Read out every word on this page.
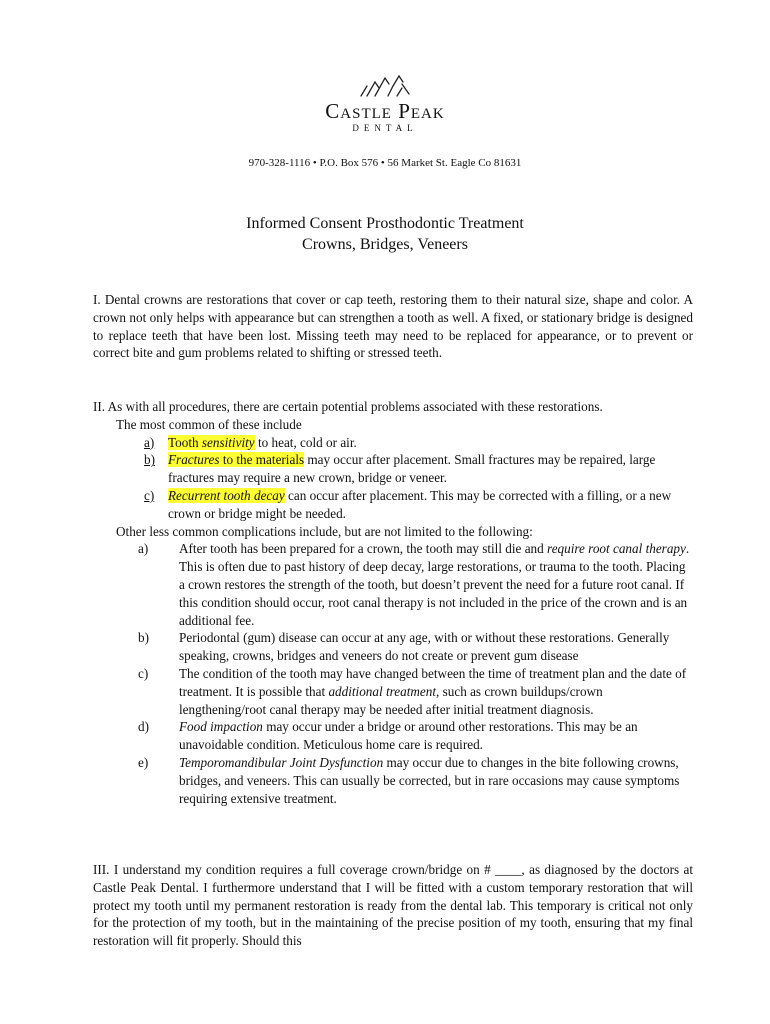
Castle Peak
DENTAL
970-328-1116 • P.O. Box 576 • 56 Market St. Eagle Co 81631
Informed Consent Prosthodontic Treatment
Crowns, Bridges, Veneers

I. Dental crowns are restorations that cover or cap teeth, restoring them to their natural size, shape and color. A crown not only helps with appearance but can strengthen a tooth as well. A fixed, or stationary bridge is designed to replace teeth that have been lost. Missing teeth may need to be replaced for appearance, or to prevent or correct bite and gum problems related to shifting or stressed teeth.

II. As with all procedures, there are certain potential problems associated with these restorations.

The most common of these include

a) Tooth sensitivity to heat, cold or air.
b) Fractures to the materials may occur after placement. Small fractures may be repaired, large fractures may require a new crown, bridge or veneer.
c) Recurrent tooth decay can occur after placement. This may be corrected with a filling, or a new crown or bridge might be needed.

Other less common complications include, but are not limited to the following:

a) After tooth has been prepared for a crown, the tooth may still die and require root canal therapy. This is often due to past history of deep decay, large restorations, or trauma to the tooth. Placing a crown restores the strength of the tooth, but doesn’t prevent the need for a future root canal. If this condition should occur, root canal therapy is not included in the price of the crown and is an additional fee.
b) Periodontal (gum) disease can occur at any age, with or without these restorations. Generally speaking, crowns, bridges and veneers do not create or prevent gum disease
c) The condition of the tooth may have changed between the time of treatment plan and the date of treatment. It is possible that additional treatment, such as crown buildups/crown lengthening/root canal therapy may be needed after initial treatment diagnosis.
d) Food impaction may occur under a bridge or around other restorations. This may be an unavoidable condition. Meticulous home care is required.
e) Temporomandibular Joint Dysfunction may occur due to changes in the bite following crowns, bridges, and veneers. This can usually be corrected, but in rare occasions may cause symptoms requiring extensive treatment.

III. I understand my condition requires a full coverage crown/bridge on # ____, as diagnosed by the doctors at Castle Peak Dental. I furthermore understand that I will be fitted with a custom temporary restoration that will protect my tooth until my permanent restoration is ready from the dental lab. This temporary is critical not only for the protection of my tooth, but in the maintaining of the precise position of my tooth, ensuring that my final restoration will fit properly. Should this
